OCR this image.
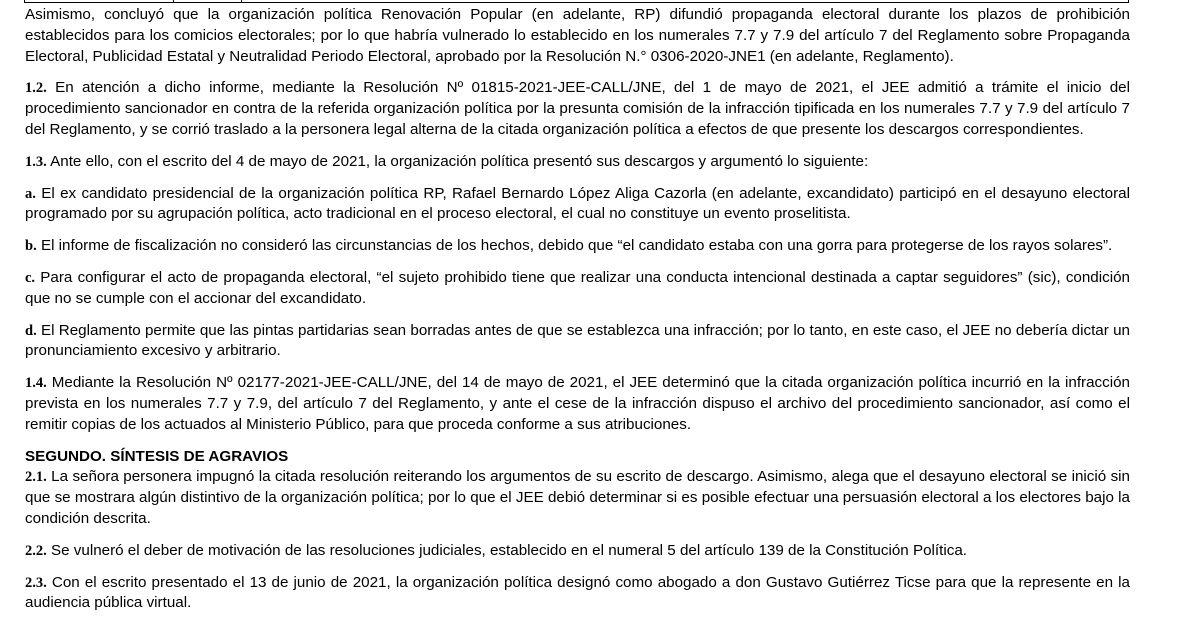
Asimismo, concluyó que la organización política Renovación Popular (en adelante, RP) difundió propaganda electoral durante los plazos de prohibición establecidos para los comicios electorales; por lo que habría vulnerado lo establecido en los numerales 7.7 y 7.9 del artículo 7 del Reglamento sobre Propaganda Electoral, Publicidad Estatal y Neutralidad Periodo Electoral, aprobado por la Resolución N.° 0306-2020-JNE1 (en adelante, Reglamento).

1.2. En atención a dicho informe, mediante la Resolución Nº 01815-2021-JEE-CALL/JNE, del 1 de mayo de 2021, el JEE admitió a trámite el inicio del procedimiento sancionador en contra de la referida organización política por la presunta comisión de la infracción tipificada en los numerales 7.7 y 7.9 del artículo 7 del Reglamento, y se corrió traslado a la personera legal alterna de la citada organización política a efectos de que presente los descargos correspondientes.

1.3. Ante ello, con el escrito del 4 de mayo de 2021, la organización política presentó sus descargos y argumentó lo siguiente:

a. El ex candidato presidencial de la organización política RP, Rafael Bernardo López Aliga Cazorla (en adelante, excandidato) participó en el desayuno electoral programado por su agrupación política, acto tradicional en el proceso electoral, el cual no constituye un evento proselitista.

b. El informe de fiscalización no consideró las circunstancias de los hechos, debido que “el candidato estaba con una gorra para protegerse de los rayos solares”.

c. Para configurar el acto de propaganda electoral, “el sujeto prohibido tiene que realizar una conducta intencional destinada a captar seguidores” (sic), condición que no se cumple con el accionar del excandidato.

d. El Reglamento permite que las pintas partidarias sean borradas antes de que se establezca una infracción; por lo tanto, en este caso, el JEE no debería dictar un pronunciamiento excesivo y arbitrario.

1.4. Mediante la Resolución Nº 02177-2021-JEE-CALL/JNE, del 14 de mayo de 2021, el JEE determinó que la citada organización política incurrió en la infracción prevista en los numerales 7.7 y 7.9, del artículo 7 del Reglamento, y ante el cese de la infracción dispuso el archivo del procedimiento sancionador, así como el remitir copias de los actuados al Ministerio Público, para que proceda conforme a sus atribuciones.

SEGUNDO. SÍNTESIS DE AGRAVIOS

2.1. La señora personera impugnó la citada resolución reiterando los argumentos de su escrito de descargo. Asimismo, alega que el desayuno electoral se inició sin que se mostrara algún distintivo de la organización política; por lo que el JEE debió determinar si es posible efectuar una persuasión electoral a los electores bajo la condición descrita.

2.2. Se vulneró el deber de motivación de las resoluciones judiciales, establecido en el numeral 5 del artículo 139 de la Constitución Política.

2.3. Con el escrito presentado el 13 de junio de 2021, la organización política designó como abogado a don Gustavo Gutiérrez Ticse para que la represente en la audiencia pública virtual.
